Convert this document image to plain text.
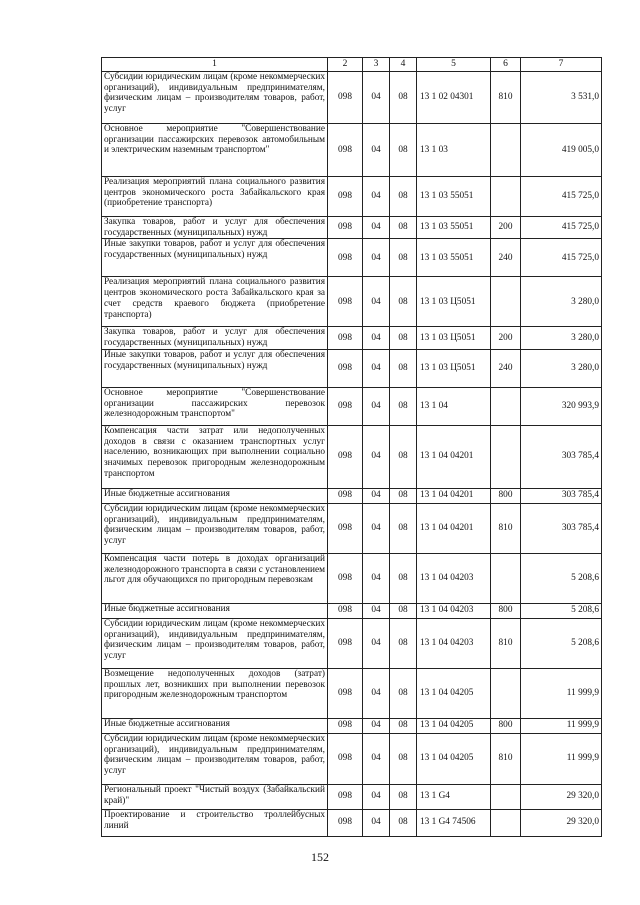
1	2	3	4	5	6	7
Субсидии юридическим лицам (кроме некоммерческих организаций), индивидуальным предпринимателям, физическим лицам – производителям товаров, работ, услуг	098	04	08	13 1 02 04301	810	3 531,0
Основное мероприятие "Совершенствование организации пассажирских перевозок автомобильным и электрическим наземным транспортом"	098	04	08	13 1 03		419 005,0
Реализация мероприятий плана социального развития центров экономического роста Забайкальского края (приобретение транспорта)	098	04	08	13 1 03 55051		415 725,0
Закупка товаров, работ и услуг для обеспечения государственных (муниципальных) нужд	098	04	08	13 1 03 55051	200	415 725,0
Иные закупки товаров, работ и услуг для обеспечения государственных (муниципальных) нужд	098	04	08	13 1 03 55051	240	415 725,0
Реализация мероприятий плана социального развития центров экономического роста Забайкальского края за счет средств краевого бюджета (приобретение транспорта)	098	04	08	13 1 03 Ц5051		3 280,0
Закупка товаров, работ и услуг для обеспечения государственных (муниципальных) нужд	098	04	08	13 1 03 Ц5051	200	3 280,0
Иные закупки товаров, работ и услуг для обеспечения государственных (муниципальных) нужд	098	04	08	13 1 03 Ц5051	240	3 280,0
Основное мероприятие "Совершенствование организации пассажирских перевозок железнодорожным транспортом"	098	04	08	13 1 04		320 993,9
Компенсация части затрат или недополученных доходов в связи с оказанием транспортных услуг населению, возникающих при выполнении социально значимых перевозок пригородным железнодорожным транспортом	098	04	08	13 1 04 04201		303 785,4
Иные бюджетные ассигнования	098	04	08	13 1 04 04201	800	303 785,4
Субсидии юридическим лицам (кроме некоммерческих организаций), индивидуальным предпринимателям, физическим лицам – производителям товаров, работ, услуг	098	04	08	13 1 04 04201	810	303 785,4
Компенсация части потерь в доходах организаций железнодорожного транспорта в связи с установлением льгот для обучающихся по пригородным перевозкам	098	04	08	13 1 04 04203		5 208,6
Иные бюджетные ассигнования	098	04	08	13 1 04 04203	800	5 208,6
Субсидии юридическим лицам (кроме некоммерческих организаций), индивидуальным предпринимателям, физическим лицам – производителям товаров, работ, услуг	098	04	08	13 1 04 04203	810	5 208,6
Возмещение недополученных доходов (затрат) прошлых лет, возникших при выполнении перевозок пригородным железнодорожным транспортом	098	04	08	13 1 04 04205		11 999,9
Иные бюджетные ассигнования	098	04	08	13 1 04 04205	800	11 999,9
Субсидии юридическим лицам (кроме некоммерческих организаций), индивидуальным предпринимателям, физическим лицам – производителям товаров, работ, услуг	098	04	08	13 1 04 04205	810	11 999,9
Региональный проект "Чистый воздух (Забайкальский край)"	098	04	08	13 1 G4		29 320,0
Проектирование и строительство троллейбусных линий	098	04	08	13 1 G4 74506		29 320,0
152
